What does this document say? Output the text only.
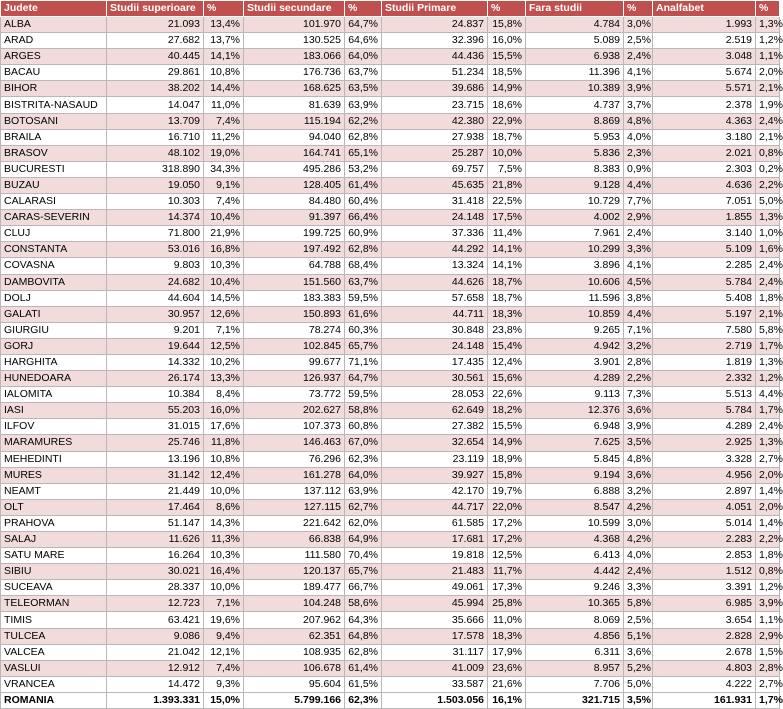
Judete	Studii superioare	%	Studii secundare	%	Studii Primare	%	Fara studii	%	Analfabet	%
ALBA	21.093	13,4%	101.970	64,7%	24.837	15,8%	4.784	3,0%	1.993	1,3%
ARAD	27.682	13,7%	130.525	64,6%	32.396	16,0%	5.089	2,5%	2.519	1,2%
ARGES	40.445	14,1%	183.066	64,0%	44.436	15,5%	6.938	2,4%	3.048	1,1%
BACAU	29.861	10,8%	176.736	63,7%	51.234	18,5%	11.396	4,1%	5.674	2,0%
BIHOR	38.202	14,4%	168.625	63,5%	39.686	14,9%	10.389	3,9%	5.571	2,1%
BISTRITA-NASAUD	14.047	11,0%	81.639	63,9%	23.715	18,6%	4.737	3,7%	2.378	1,9%
BOTOSANI	13.709	7,4%	115.194	62,2%	42.380	22,9%	8.869	4,8%	4.363	2,4%
BRAILA	16.710	11,2%	94.040	62,8%	27.938	18,7%	5.953	4,0%	3.180	2,1%
BRASOV	48.102	19,0%	164.741	65,1%	25.287	10,0%	5.836	2,3%	2.021	0,8%
BUCURESTI	318.890	34,3%	495.286	53,2%	69.757	7,5%	8.383	0,9%	2.303	0,2%
BUZAU	19.050	9,1%	128.405	61,4%	45.635	21,8%	9.128	4,4%	4.636	2,2%
CALARASI	10.303	7,4%	84.480	60,4%	31.418	22,5%	10.729	7,7%	7.051	5,0%
CARAS-SEVERIN	14.374	10,4%	91.397	66,4%	24.148	17,5%	4.002	2,9%	1.855	1,3%
CLUJ	71.800	21,9%	199.725	60,9%	37.336	11,4%	7.961	2,4%	3.140	1,0%
CONSTANTA	53.016	16,8%	197.492	62,8%	44.292	14,1%	10.299	3,3%	5.109	1,6%
COVASNA	9.803	10,3%	64.788	68,4%	13.324	14,1%	3.896	4,1%	2.285	2,4%
DAMBOVITA	24.682	10,4%	151.560	63,7%	44.626	18,7%	10.606	4,5%	5.784	2,4%
DOLJ	44.604	14,5%	183.383	59,5%	57.658	18,7%	11.596	3,8%	5.408	1,8%
GALATI	30.957	12,6%	150.893	61,6%	44.711	18,3%	10.859	4,4%	5.197	2,1%
GIURGIU	9.201	7,1%	78.274	60,3%	30.848	23,8%	9.265	7,1%	7.580	5,8%
GORJ	19.644	12,5%	102.845	65,7%	24.148	15,4%	4.942	3,2%	2.719	1,7%
HARGHITA	14.332	10,2%	99.677	71,1%	17.435	12,4%	3.901	2,8%	1.819	1,3%
HUNEDOARA	26.174	13,3%	126.937	64,7%	30.561	15,6%	4.289	2,2%	2.332	1,2%
IALOMITA	10.384	8,4%	73.772	59,5%	28.053	22,6%	9.113	7,3%	5.513	4,4%
IASI	55.203	16,0%	202.627	58,8%	62.649	18,2%	12.376	3,6%	5.784	1,7%
ILFOV	31.015	17,6%	107.373	60,8%	27.382	15,5%	6.948	3,9%	4.289	2,4%
MARAMURES	25.746	11,8%	146.463	67,0%	32.654	14,9%	7.625	3,5%	2.925	1,3%
MEHEDINTI	13.196	10,8%	76.296	62,3%	23.119	18,9%	5.845	4,8%	3.328	2,7%
MURES	31.142	12,4%	161.278	64,0%	39.927	15,8%	9.194	3,6%	4.956	2,0%
NEAMT	21.449	10,0%	137.112	63,9%	42.170	19,7%	6.888	3,2%	2.897	1,4%
OLT	17.464	8,6%	127.115	62,7%	44.717	22,0%	8.547	4,2%	4.051	2,0%
PRAHOVA	51.147	14,3%	221.642	62,0%	61.585	17,2%	10.599	3,0%	5.014	1,4%
SALAJ	11.626	11,3%	66.838	64,9%	17.681	17,2%	4.368	4,2%	2.283	2,2%
SATU MARE	16.264	10,3%	111.580	70,4%	19.818	12,5%	6.413	4,0%	2.853	1,8%
SIBIU	30.021	16,4%	120.137	65,7%	21.483	11,7%	4.442	2,4%	1.512	0,8%
SUCEAVA	28.337	10,0%	189.477	66,7%	49.061	17,3%	9.246	3,3%	3.391	1,2%
TELEORMAN	12.723	7,1%	104.248	58,6%	45.994	25,8%	10.365	5,8%	6.985	3,9%
TIMIS	63.421	19,6%	207.962	64,3%	35.666	11,0%	8.069	2,5%	3.654	1,1%
TULCEA	9.086	9,4%	62.351	64,8%	17.578	18,3%	4.856	5,1%	2.828	2,9%
VALCEA	21.042	12,1%	108.935	62,8%	31.117	17,9%	6.311	3,6%	2.678	1,5%
VASLUI	12.912	7,4%	106.678	61,4%	41.009	23,6%	8.957	5,2%	4.803	2,8%
VRANCEA	14.472	9,3%	95.604	61,5%	33.587	21,6%	7.706	5,0%	4.222	2,7%
ROMANIA	1.393.331	15,0%	5.799.166	62,3%	1.503.056	16,1%	321.715	3,5%	161.931	1,7%
